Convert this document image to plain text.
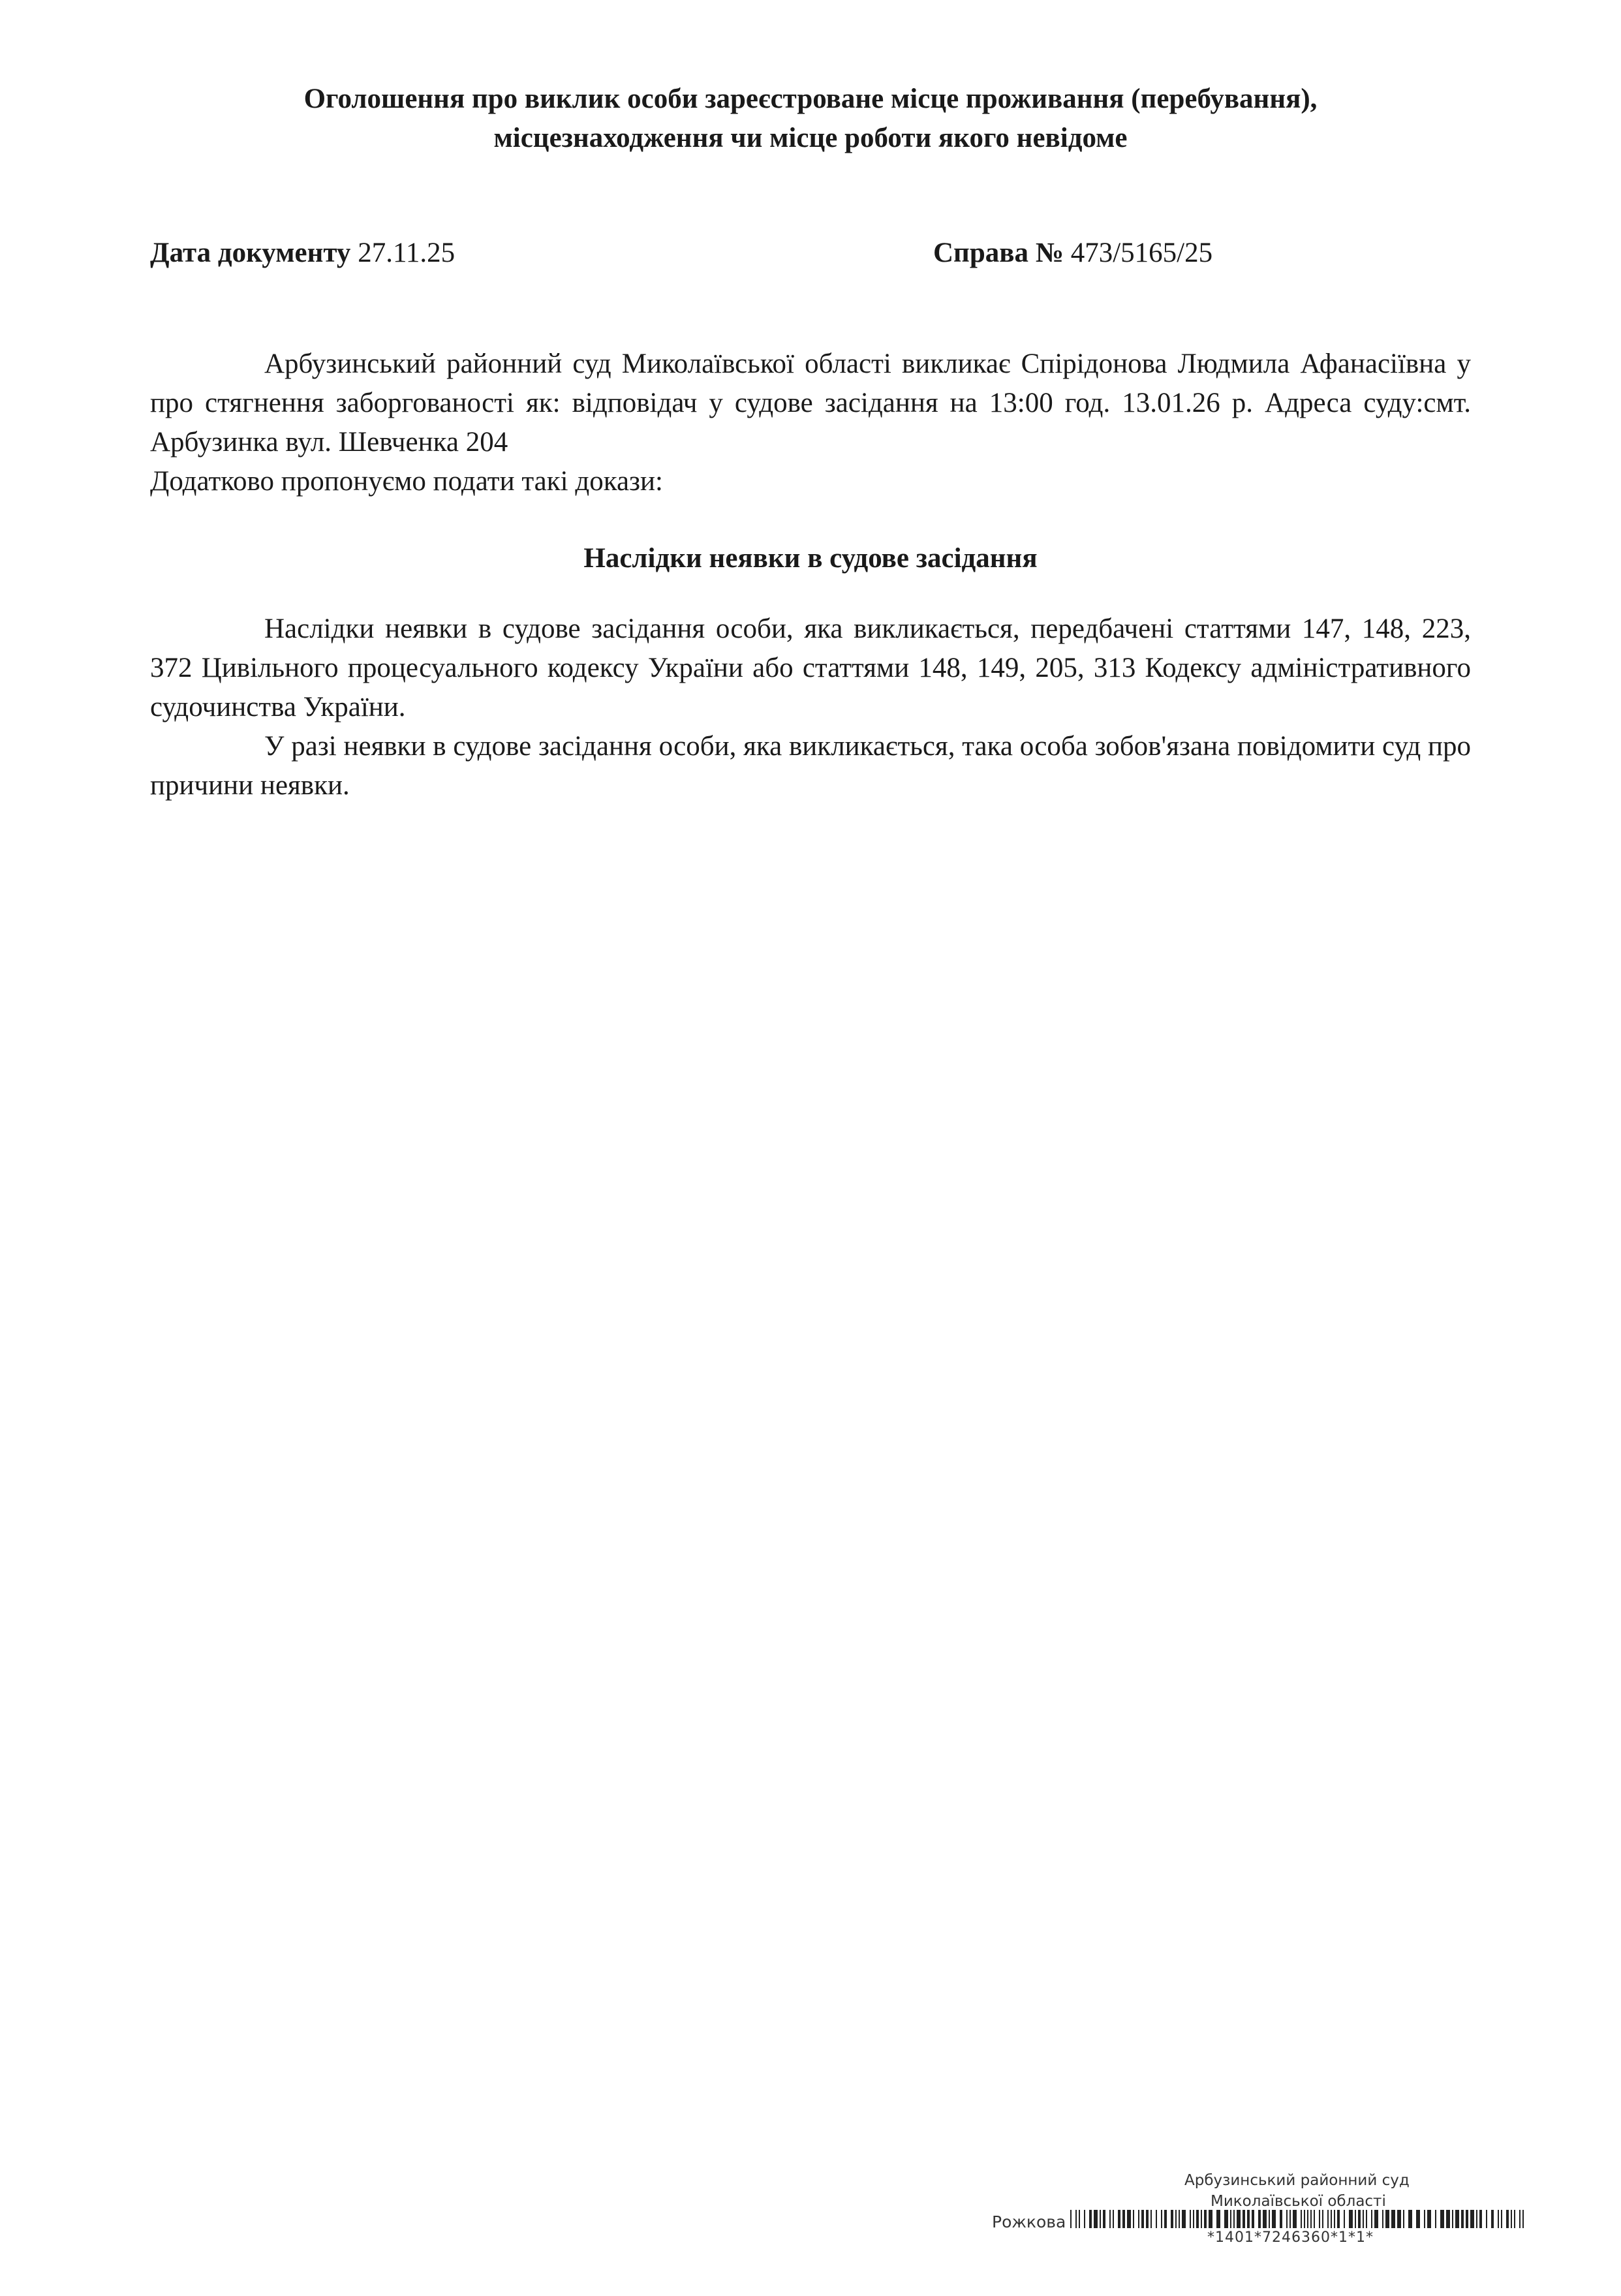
Оголошення про виклик особи зареєстроване місце проживання (перебування),
місцезнаходження чи місце роботи якого невідоме
Дата документу 27.11.25	Справа № 473/5165/25

Арбузинський районний суд Миколаївської області викликає Спірідонова Людмила Афанасіївна у про стягнення заборгованості як: відповідач у судове засідання на 13:00 год. 13.01.26 р. Адреса суду:смт. Арбузинка вул. Шевченка 204

Додатково пропонуємо подати такі докази:

Наслідки неявки в судове засідання

Наслідки неявки в судове засідання особи, яка викликається, передбачені статтями 147, 148, 223, 372 Цивільного процесуального кодексу України або статтями 148, 149, 205, 313 Кодексу адміністративного судочинства України.

У разі неявки в судове засідання особи, яка викликається, така особа зобов'язана повідомити суд про причини неявки.

Арбузинський районний суд
Миколаївської області
Рожкова
*1401*7246360*1*1*
